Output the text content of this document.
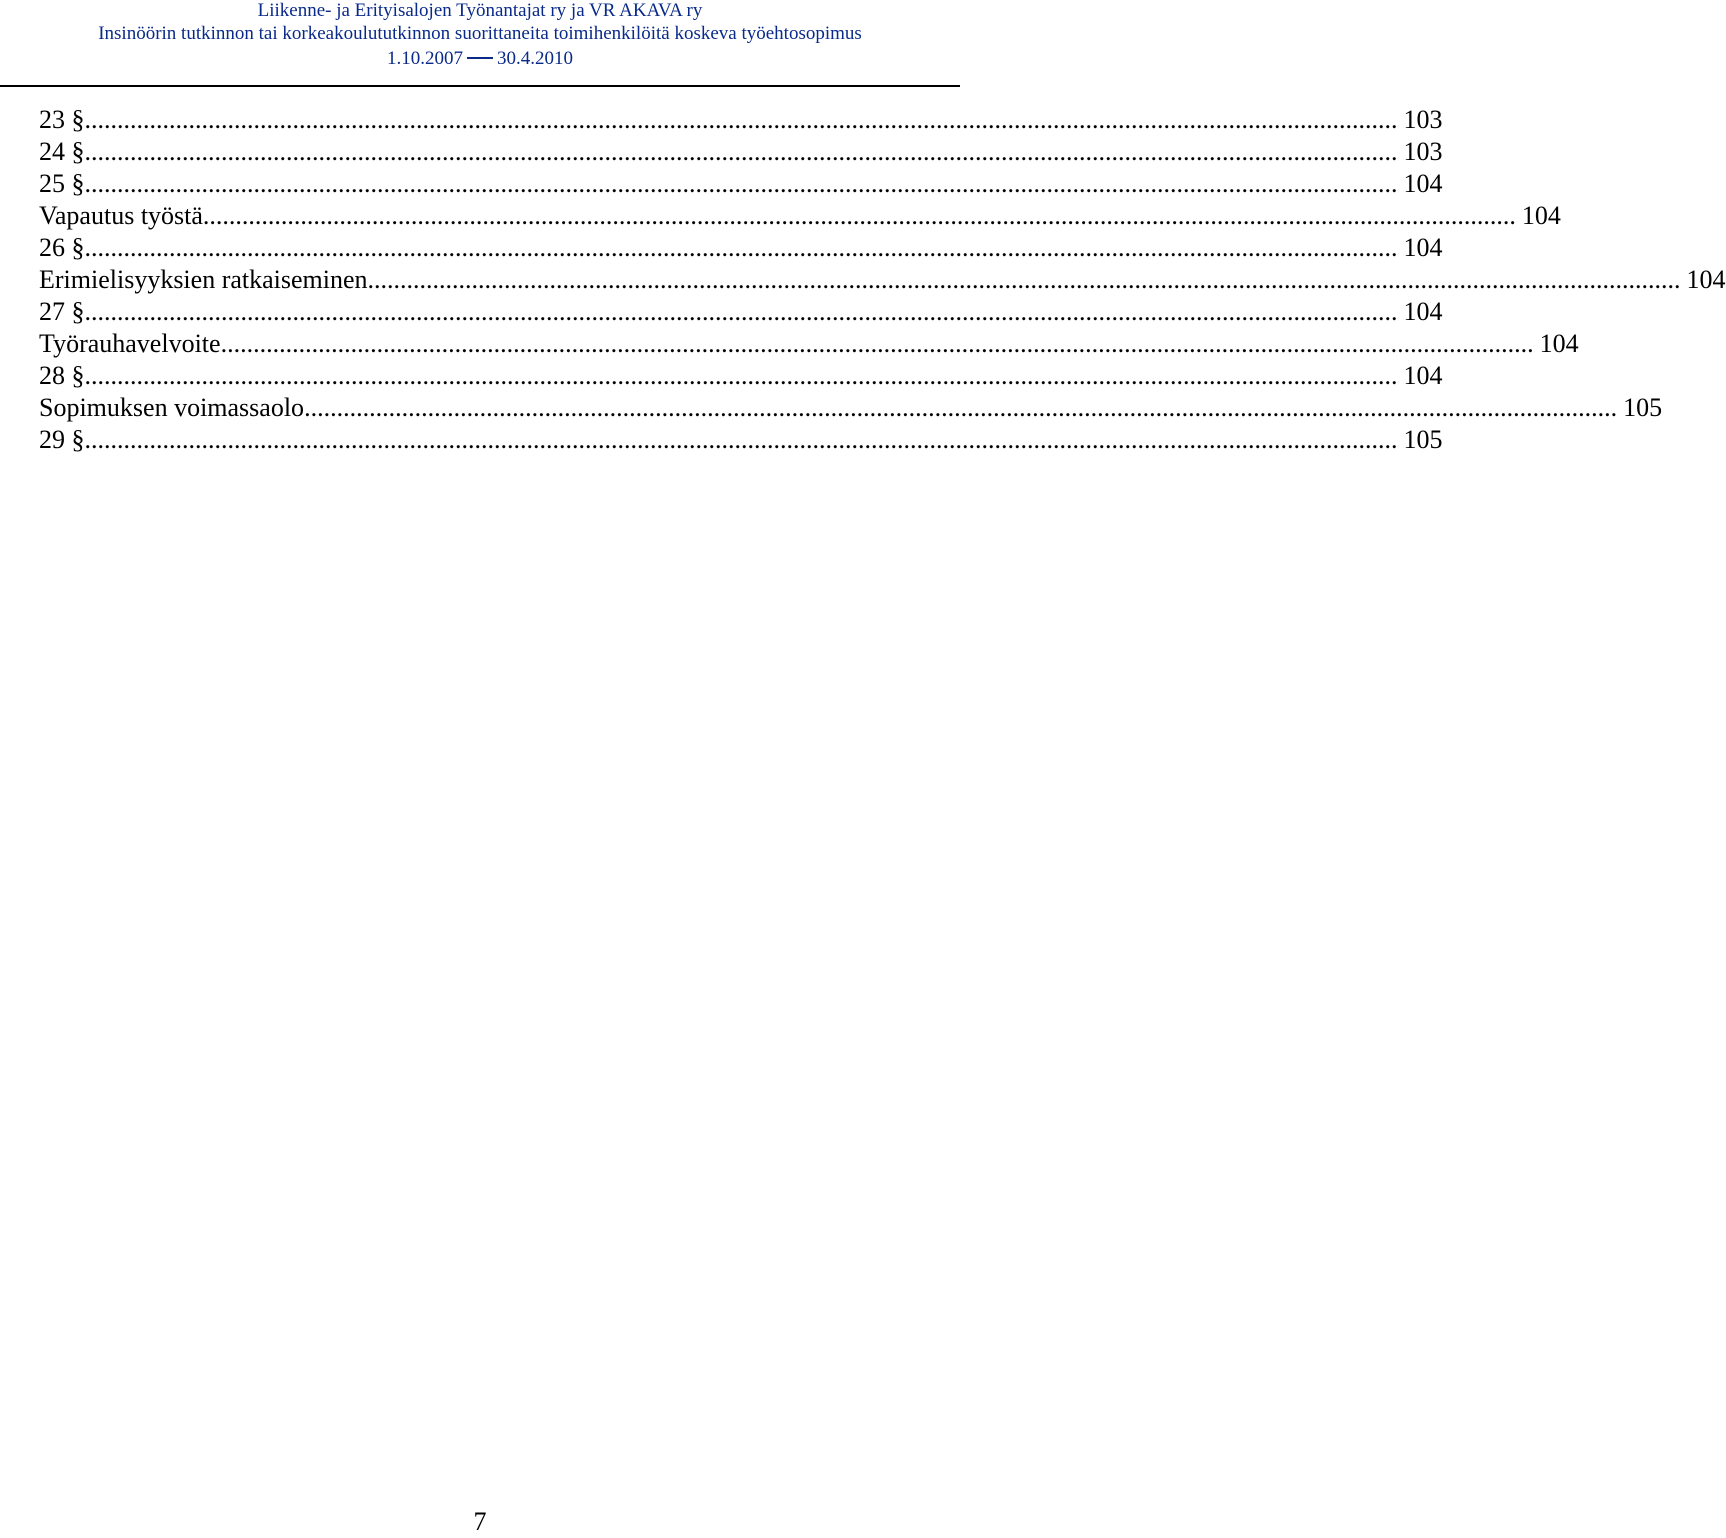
Liikenne- ja Erityisalojen Työnantajat ry ja VR AKAVA ry
Insinöörin tutkinnon tai korkeakoulututkinnon suorittaneita toimihenkilöitä koskeva työehtosopimus
1.10.2007 30.4.2010
23 § .......................................................................................................................................................................................................... 103
24 § .......................................................................................................................................................................................................... 103
25 § .......................................................................................................................................................................................................... 104
Vapautus työstä .......................................................................................................................................................................................................... 104
26 § .......................................................................................................................................................................................................... 104
Erimielisyyksien ratkaiseminen .......................................................................................................................................................................................................... 104
27 § .......................................................................................................................................................................................................... 104
Työrauhavelvoite .......................................................................................................................................................................................................... 104
28 § .......................................................................................................................................................................................................... 104
Sopimuksen voimassaolo .......................................................................................................................................................................................................... 105
29 § .......................................................................................................................................................................................................... 105
7
